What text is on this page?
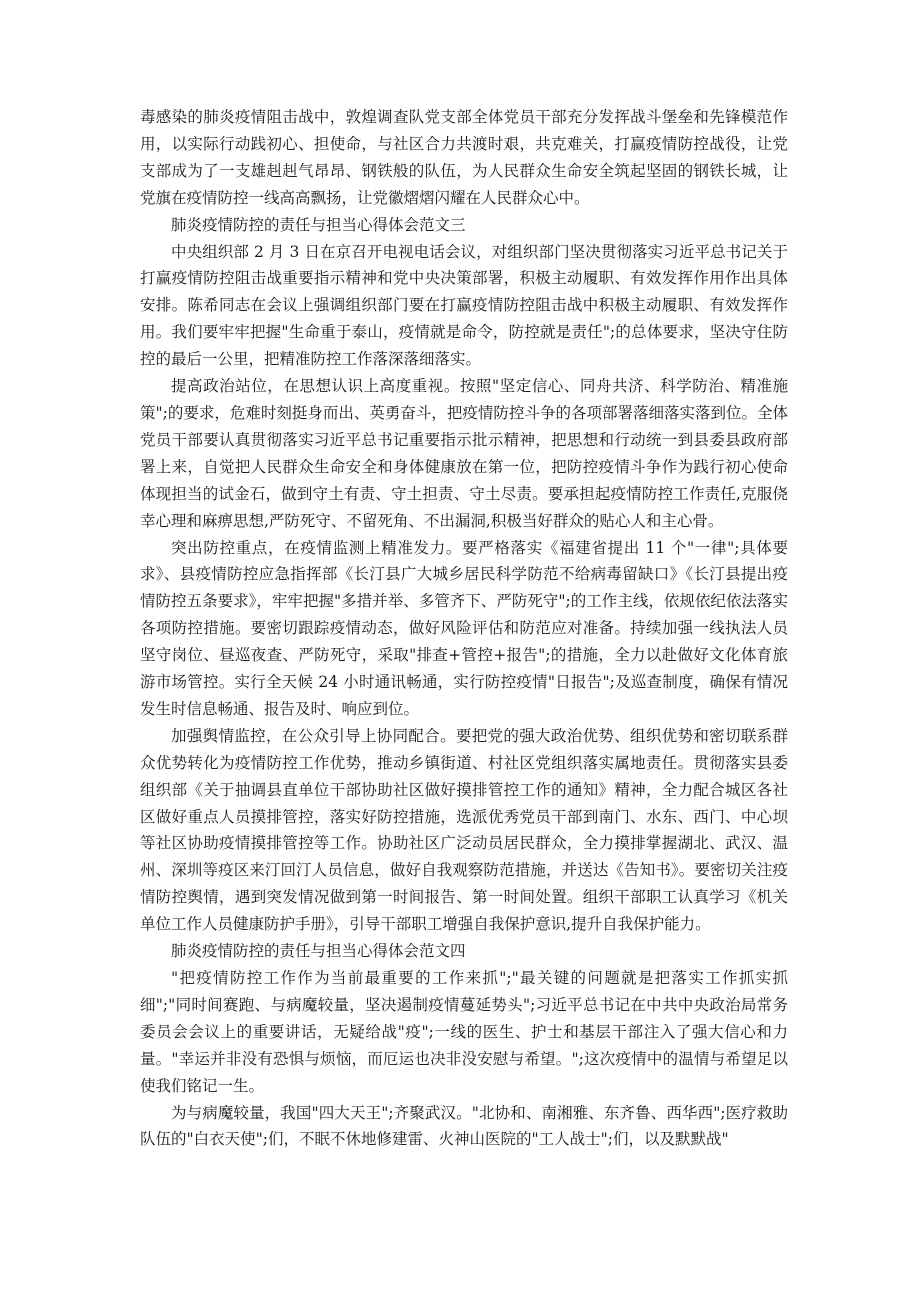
毒感染的肺炎疫情阻击战中，敦煌调查队党支部全体党员干部充分发挥战斗堡垒和先锋模范作用，以实际行动践初心、担使命，与社区合力共渡时艰，共克难关，打赢疫情防控战役，让党支部成为了一支雄赳赳气昂昂、钢铁般的队伍，为人民群众生命安全筑起坚固的钢铁长城，让党旗在疫情防控一线高高飘扬，让党徽熠熠闪耀在人民群众心中。

肺炎疫情防控的责任与担当心得体会范文三

中央组织部 2 月 3 日在京召开电视电话会议，对组织部门坚决贯彻落实习近平总书记关于打赢疫情防控阻击战重要指示精神和党中央决策部署，积极主动履职、有效发挥作用作出具体安排。陈希同志在会议上强调组织部门要在打赢疫情防控阻击战中积极主动履职、有效发挥作用。我们要牢牢把握"生命重于泰山，疫情就是命令，防控就是责任";的总体要求，坚决守住防控的最后一公里，把精准防控工作落深落细落实。

提高政治站位，在思想认识上高度重视。按照"坚定信心、同舟共济、科学防治、精准施策";的要求，危难时刻挺身而出、英勇奋斗，把疫情防控斗争的各项部署落细落实落到位。全体党员干部要认真贯彻落实习近平总书记重要指示批示精神，把思想和行动统一到县委县政府部署上来，自觉把人民群众生命安全和身体健康放在第一位，把防控疫情斗争作为践行初心使命体现担当的试金石，做到守土有责、守土担责、守土尽责。要承担起疫情防控工作责任,克服侥幸心理和麻痹思想,严防死守、不留死角、不出漏洞,积极当好群众的贴心人和主心骨。

突出防控重点，在疫情监测上精准发力。要严格落实《福建省提出 11 个"一律";具体要求》、县疫情防控应急指挥部《长汀县广大城乡居民科学防范不给病毒留缺口》《长汀县提出疫情防控五条要求》，牢牢把握"多措并举、多管齐下、严防死守";的工作主线，依规依纪依法落实各项防控措施。要密切跟踪疫情动态，做好风险评估和防范应对准备。持续加强一线执法人员坚守岗位、昼巡夜查、严防死守，采取"排查+管控+报告";的措施，全力以赴做好文化体育旅游市场管控。实行全天候 24 小时通讯畅通，实行防控疫情"日报告";及巡查制度，确保有情况发生时信息畅通、报告及时、响应到位。

加强舆情监控，在公众引导上协同配合。要把党的强大政治优势、组织优势和密切联系群众优势转化为疫情防控工作优势，推动乡镇街道、村社区党组织落实属地责任。贯彻落实县委组织部《关于抽调县直单位干部协助社区做好摸排管控工作的通知》精神，全力配合城区各社区做好重点人员摸排管控，落实好防控措施，选派优秀党员干部到南门、水东、西门、中心坝等社区协助疫情摸排管控等工作。协助社区广泛动员居民群众，全力摸排掌握湖北、武汉、温州、深圳等疫区来汀回汀人员信息，做好自我观察防范措施，并送达《告知书》。要密切关注疫情防控舆情，遇到突发情况做到第一时间报告、第一时间处置。组织干部职工认真学习《机关单位工作人员健康防护手册》，引导干部职工增强自我保护意识,提升自我保护能力。

肺炎疫情防控的责任与担当心得体会范文四

"把疫情防控工作作为当前最重要的工作来抓";"最关键的问题就是把落实工作抓实抓细";"同时间赛跑、与病魔较量，坚决遏制疫情蔓延势头";习近平总书记在中共中央政治局常务委员会会议上的重要讲话，无疑给战"疫";一线的医生、护士和基层干部注入了强大信心和力量。"幸运并非没有恐惧与烦恼，而厄运也决非没安慰与希望。";这次疫情中的温情与希望足以使我们铭记一生。

为与病魔较量，我国"四大天王";齐聚武汉。"北协和、南湘雅、东齐鲁、西华西";医疗救助队伍的"白衣天使";们，不眠不休地修建雷、火神山医院的"工人战士";们，以及默默战"
